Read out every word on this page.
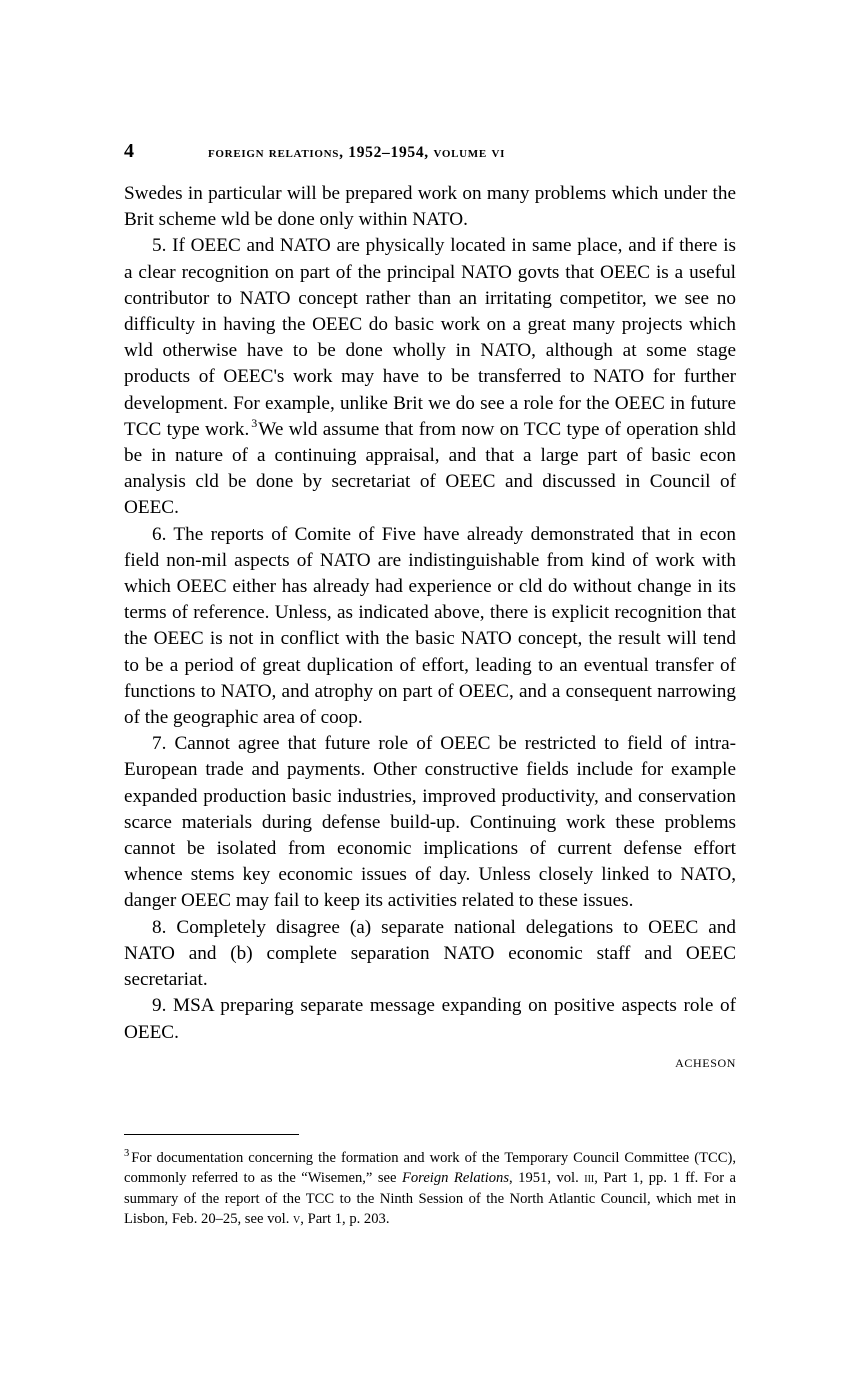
4	foreign relations, 1952–1954, volume vi

Swedes in particular will be prepared work on many problems which under the Brit scheme wld be done only within NATO.

5. If OEEC and NATO are physically located in same place, and if there is a clear recognition on part of the principal NATO govts that OEEC is a useful contributor to NATO concept rather than an irritating competitor, we see no difficulty in having the OEEC do basic work on a great many projects which wld otherwise have to be done wholly in NATO, although at some stage products of OEEC's work may have to be transferred to NATO for further development. For example, unlike Brit we do see a role for the OEEC in future TCC type work. $^3$We wld assume that from now on TCC type of operation shld be in nature of a continuing appraisal, and that a large part of basic econ analysis cld be done by secretariat of OEEC and discussed in Council of OEEC.

6. The reports of Comite of Five have already demonstrated that in econ field non-mil aspects of NATO are indistinguishable from kind of work with which OEEC either has already had experience or cld do without change in its terms of reference. Unless, as indicated above, there is explicit recognition that the OEEC is not in conflict with the basic NATO concept, the result will tend to be a period of great duplication of effort, leading to an eventual transfer of functions to NATO, and atrophy on part of OEEC, and a consequent narrowing of the geographic area of coop.

7. Cannot agree that future role of OEEC be restricted to field of intra-European trade and payments. Other constructive fields include for example expanded production basic industries, improved productivity, and conservation scarce materials during defense build-up. Continuing work these problems cannot be isolated from economic implications of current defense effort whence stems key economic issues of day. Unless closely linked to NATO, danger OEEC may fail to keep its activities related to these issues.

8. Completely disagree (a) separate national delegations to OEEC and NATO and (b) complete separation NATO economic staff and OEEC secretariat.

9. MSA preparing separate message expanding on positive aspects role of OEEC.

acheson
$^3$ For documentation concerning the formation and work of the Temporary Council Committee (TCC), commonly referred to as the “Wisemen,” see Foreign Relations, 1951, vol. iii, Part 1, pp. 1 ff. For a summary of the report of the TCC to the Ninth Session of the North Atlantic Council, which met in Lisbon, Feb. 20–25, see vol. v, Part 1, p. 203.
